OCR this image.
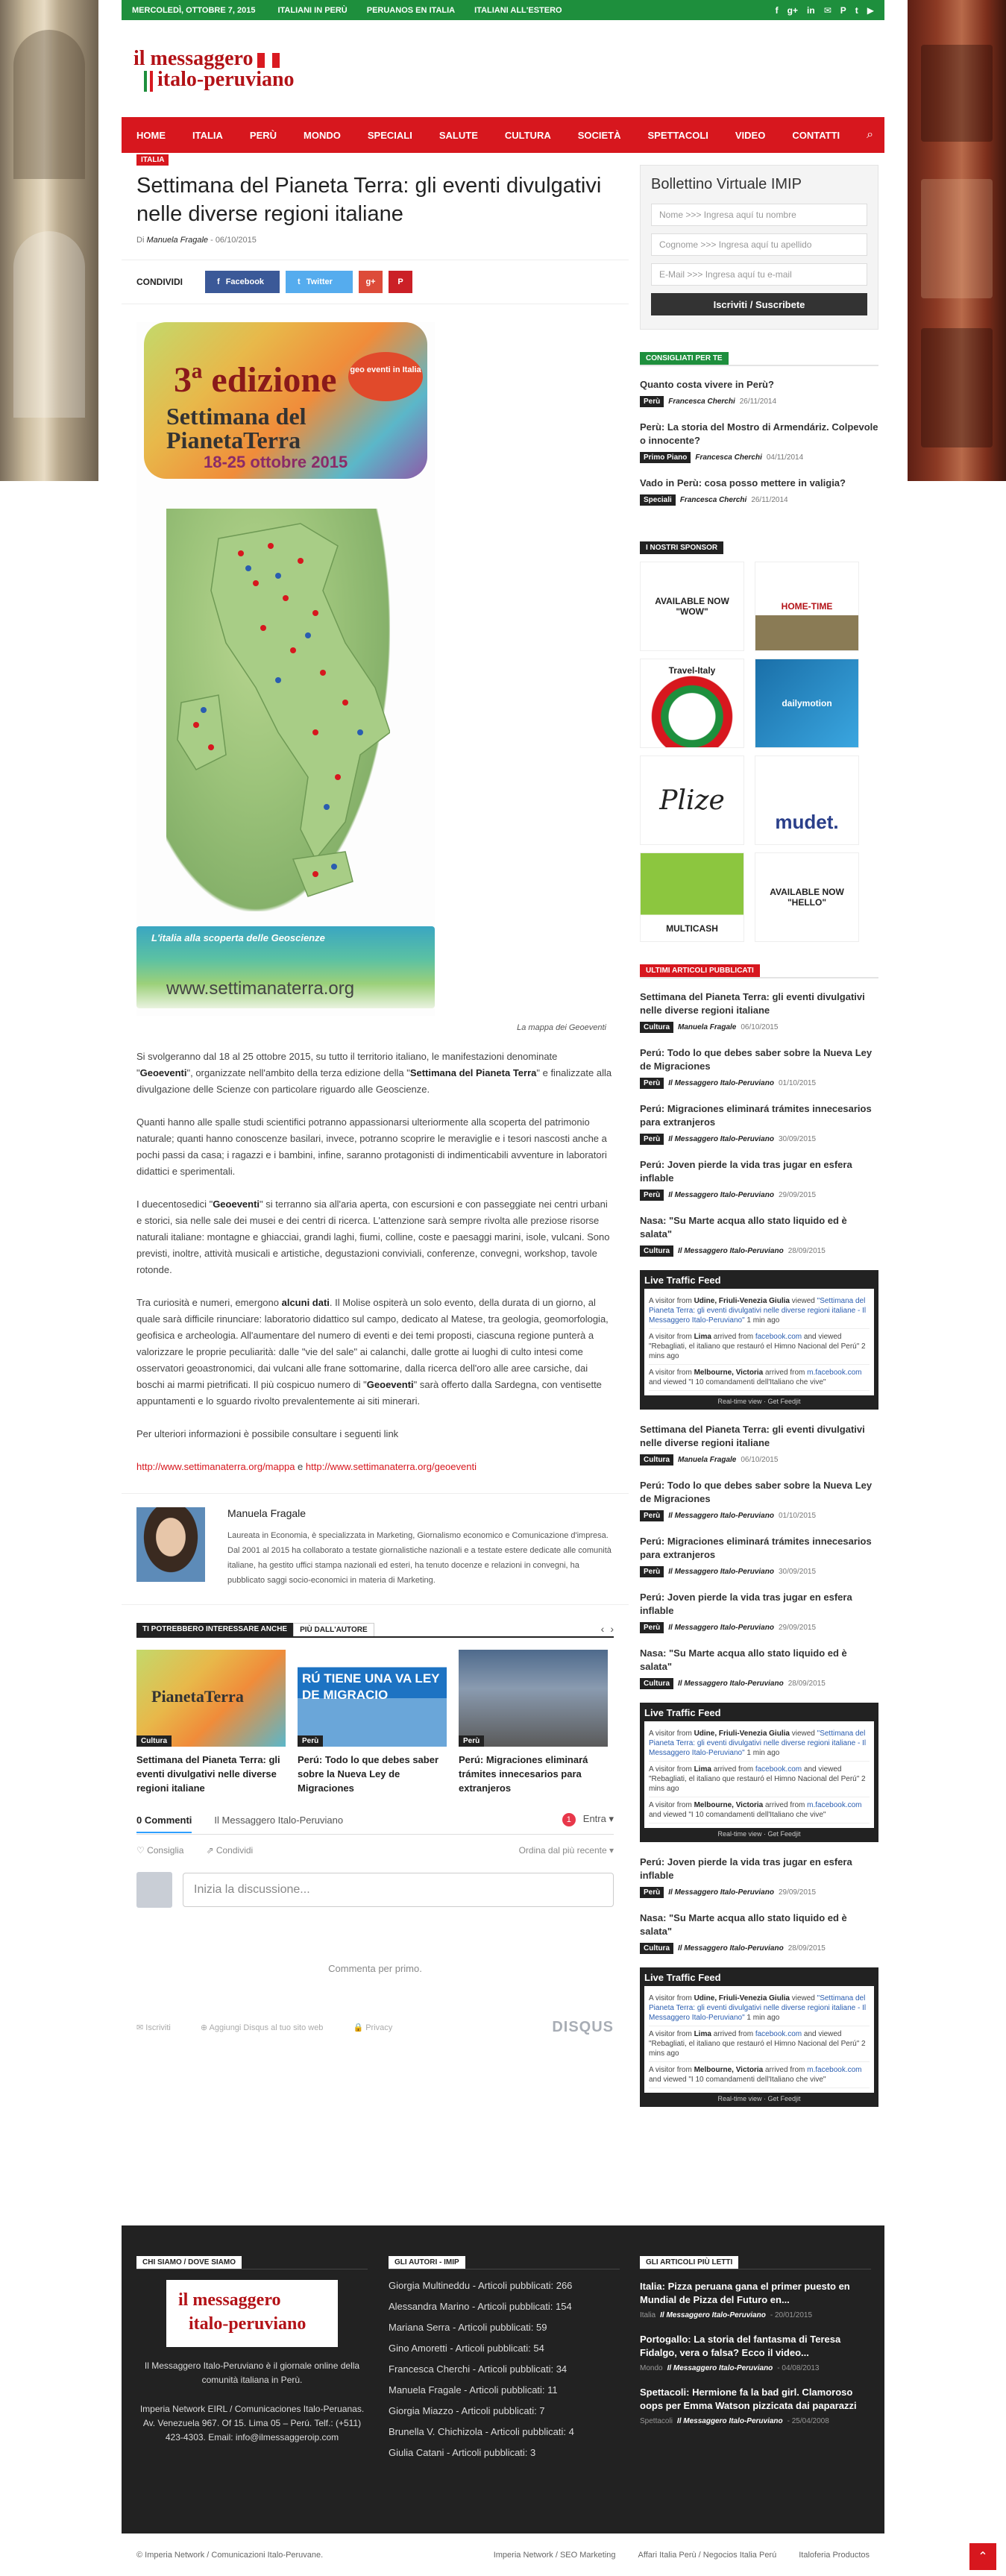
MERCOLEDÌ, OTTOBRE 7, 2015	ITALIANI IN PERÙ PERUANOS EN ITALIA ITALIANI ALL'ESTERO	f g+ in ✉ P t ▶
il messaggero
italo-peruviano
HOME	ITALIA	PERÙ	MONDO	SPECIALI	SALUTE	CULTURA	SOCIETÀ	SPETTACOLI	VIDEO	CONTATTI ⌕
ITALIA
Settimana del Pianeta Terra: gli eventi divulgativi nelle diverse regioni italiane
Di Manuela Fragale - 06/10/2015
CONDIVIDI	f Facebook	t Twitter	g+	P
geo eventi in Italia
3ª edizione
Settimana del
PianetaTerra
18-25 ottobre 2015
L'italia alla scoperta delle Geoscienze
www.settimanaterra.org
La mappa dei Geoeventi

Si svolgeranno dal 18 al 25 ottobre 2015, su tutto il territorio italiano, le manifestazioni denominate "Geoeventi", organizzate nell'ambito della terza edizione della "Settimana del Pianeta Terra" e finalizzate alla divulgazione delle Scienze con particolare riguardo alle Geoscienze.

Quanti hanno alle spalle studi scientifici potranno appassionarsi ulteriormente alla scoperta del patrimonio naturale; quanti hanno conoscenze basilari, invece, potranno scoprire le meraviglie e i tesori nascosti anche a pochi passi da casa; i ragazzi e i bambini, infine, saranno protagonisti di indimenticabili avventure in laboratori didattici e sperimentali.

I duecentosedici "Geoeventi" si terranno sia all'aria aperta, con escursioni e con passeggiate nei centri urbani e storici, sia nelle sale dei musei e dei centri di ricerca. L'attenzione sarà sempre rivolta alle preziose risorse naturali italiane: montagne e ghiacciai, grandi laghi, fiumi, colline, coste e paesaggi marini, isole, vulcani. Sono previsti, inoltre, attività musicali e artistiche, degustazioni conviviali, conferenze, convegni, workshop, tavole rotonde.

Tra curiosità e numeri, emergono alcuni dati. Il Molise ospiterà un solo evento, della durata di un giorno, al quale sarà difficile rinunciare: laboratorio didattico sul campo, dedicato al Matese, tra geologia, geomorfologia, geofisica e archeologia. All'aumentare del numero di eventi e dei temi proposti, ciascuna regione punterà a valorizzare le proprie peculiarità: dalle "vie del sale" ai calanchi, dalle grotte ai luoghi di culto intesi come osservatori geoastronomici, dai vulcani alle frane sottomarine, dalla ricerca dell'oro alle aree carsiche, dai boschi ai marmi pietrificati. Il più cospicuo numero di "Geoeventi" sarà offerto dalla Sardegna, con ventisette appuntamenti e lo sguardo rivolto prevalentemente ai siti minerari.

Per ulteriori informazioni è possibile consultare i seguenti link

http://www.settimanaterra.org/mappa e http://www.settimanaterra.org/geoeventi

Manuela Fragale
Laureata in Economia, è specializzata in Marketing, Giornalismo economico e Comunicazione d'impresa. Dal 2001 al 2015 ha collaborato a testate giornalistiche nazionali e a testate estere dedicate alle comunità italiane, ha gestito uffici stampa nazionali ed esteri, ha tenuto docenze e relazioni in convegni, ha pubblicato saggi socio-economici in materia di Marketing.
TI POTREBBERO INTERESSARE ANCHE	PIÙ DALL'AUTORE	‹ ›
PianetaTerra
Cultura
Settimana del Pianeta Terra: gli eventi divulgativi nelle diverse regioni italiane
RÚ TIENE UNA VA LEY DE MIGRACIO
Perù
Perú: Todo lo que debes saber sobre la Nueva Ley de Migraciones
Perù
Perú: Migraciones eliminará trámites innecesarios para extranjeros
0 Commenti Il Messaggero Italo-Peruviano	1 Entra ▾
♡ Consiglia	⇗ Condividi	Ordina dal più recente ▾
Inizia la discussione...
Commenta per primo.
✉ Iscriviti	⊕ Aggiungi Disqus al tuo sito web	🔒 Privacy	DISQUS
Bollettino Virtuale IMIP
Nome >>> Ingresa aquí tu nombre
Cognome >>> Ingresa aquí tu apellido
E-Mail >>> Ingresa aquí tu e-mail
Iscriviti / Suscribete
CONSIGLIATI PER TE
Quanto costa vivere in Perù?
Perù	Francesca Cherchi 26/11/2014
Perù: La storia del Mostro di Armendáriz. Colpevole o innocente?
Primo Piano	Francesca Cherchi 04/11/2014
Vado in Perù: cosa posso mettere in valigia?
Speciali	Francesca Cherchi 26/11/2014
I NOSTRI SPONSOR
AVAILABLE NOW "WOW"	HOME-TIME
Travel-Italy
dailymotion
Plize
mudet.
MULTICASH
AVAILABLE NOW "HELLO"
ULTIMI ARTICOLI PUBBLICATI
Settimana del Pianeta Terra: gli eventi divulgativi nelle diverse regioni italiane
Cultura	Manuela Fragale 06/10/2015
Perú: Todo lo que debes saber sobre la Nueva Ley de Migraciones
Perù	Il Messaggero Italo-Peruviano 01/10/2015
Perú: Migraciones eliminará trámites innecesarios para extranjeros
Perù	Il Messaggero Italo-Peruviano 30/09/2015
Perú: Joven pierde la vida tras jugar en esfera inflable
Perù	Il Messaggero Italo-Peruviano 29/09/2015
Nasa: "Su Marte acqua allo stato liquido ed è salata"
Cultura	Il Messaggero Italo-Peruviano 28/09/2015
Live Traffic Feed
A visitor from Udine, Friuli-Venezia Giulia viewed "Settimana del Pianeta Terra: gli eventi divulgativi nelle diverse regioni italiane - Il Messaggero Italo-Peruviano" 1 min ago
A visitor from Lima arrived from facebook.com and viewed "Rebagliati, el italiano que restauró el Himno Nacional del Perú" 2 mins ago
A visitor from Melbourne, Victoria arrived from m.facebook.com and viewed "I 10 comandamenti dell'Italiano che vive"
Real-time view · Get Feedjit
Settimana del Pianeta Terra: gli eventi divulgativi nelle diverse regioni italiane
Cultura	Manuela Fragale 06/10/2015
Perú: Todo lo que debes saber sobre la Nueva Ley de Migraciones
Perù	Il Messaggero Italo-Peruviano 01/10/2015
Perú: Migraciones eliminará trámites innecesarios para extranjeros
Perù	Il Messaggero Italo-Peruviano 30/09/2015
Perú: Joven pierde la vida tras jugar en esfera inflable
Perù	Il Messaggero Italo-Peruviano 29/09/2015
Nasa: "Su Marte acqua allo stato liquido ed è salata"
Cultura	Il Messaggero Italo-Peruviano 28/09/2015
Live Traffic Feed
A visitor from Udine, Friuli-Venezia Giulia viewed "Settimana del Pianeta Terra: gli eventi divulgativi nelle diverse regioni italiane - Il Messaggero Italo-Peruviano" 1 min ago
A visitor from Lima arrived from facebook.com and viewed "Rebagliati, el italiano que restauró el Himno Nacional del Perú" 2 mins ago
A visitor from Melbourne, Victoria arrived from m.facebook.com and viewed "I 10 comandamenti dell'Italiano che vive"
Real-time view · Get Feedjit
Perú: Joven pierde la vida tras jugar en esfera inflable
Perù	Il Messaggero Italo-Peruviano 29/09/2015
Nasa: "Su Marte acqua allo stato liquido ed è salata"
Cultura	Il Messaggero Italo-Peruviano 28/09/2015
Live Traffic Feed
A visitor from Udine, Friuli-Venezia Giulia viewed "Settimana del Pianeta Terra: gli eventi divulgativi nelle diverse regioni italiane - Il Messaggero Italo-Peruviano" 1 min ago
A visitor from Lima arrived from facebook.com and viewed "Rebagliati, el italiano que restauró el Himno Nacional del Perú" 2 mins ago
A visitor from Melbourne, Victoria arrived from m.facebook.com and viewed "I 10 comandamenti dell'Italiano che vive"
Real-time view · Get Feedjit
CHI SIAMO / DOVE SIAMO
il messaggero
italo-peruviano
Il Messaggero Italo-Peruviano è il giornale online della comunità italiana in Perù.
Imperia Network EIRL / Comunicaciones Italo-Peruanas. Av. Venezuela 967. Of 15. Lima 05 – Perú. Telf.: (+511) 423-4303. Email: info@ilmessaggeroip.com
GLI AUTORI - IMIP
Giorgia Multineddu - Articoli pubblicati: 266
Alessandra Marino - Articoli pubblicati: 154
Mariana Serra - Articoli pubblicati: 59
Gino Amoretti - Articoli pubblicati: 54
Francesca Cherchi - Articoli pubblicati: 34
Manuela Fragale - Articoli pubblicati: 11
Giorgia Miazzo - Articoli pubblicati: 7
Brunella V. Chichizola - Articoli pubblicati: 4
Giulia Catani - Articoli pubblicati: 3
GLI ARTICOLI PIÙ LETTI
Italia: Pizza peruana gana el primer puesto en Mundial de Pizza del Futuro en...
Italia Il Messaggero Italo-Peruviano - 20/01/2015
Portogallo: La storia del fantasma di Teresa Fidalgo, vera o falsa? Ecco il video...
Mondo Il Messaggero Italo-Peruviano - 04/08/2013
Spettacoli: Hermione fa la bad girl. Clamoroso oops per Emma Watson pizzicata dai paparazzi
Spettacoli Il Messaggero Italo-Peruviano - 25/04/2008
© Imperia Network / Comunicazioni Italo-Peruvane.	Imperia Network / SEO Marketing	Affari Italia Perù / Negocios Italia Perú	Italoferia Productos	⌃
